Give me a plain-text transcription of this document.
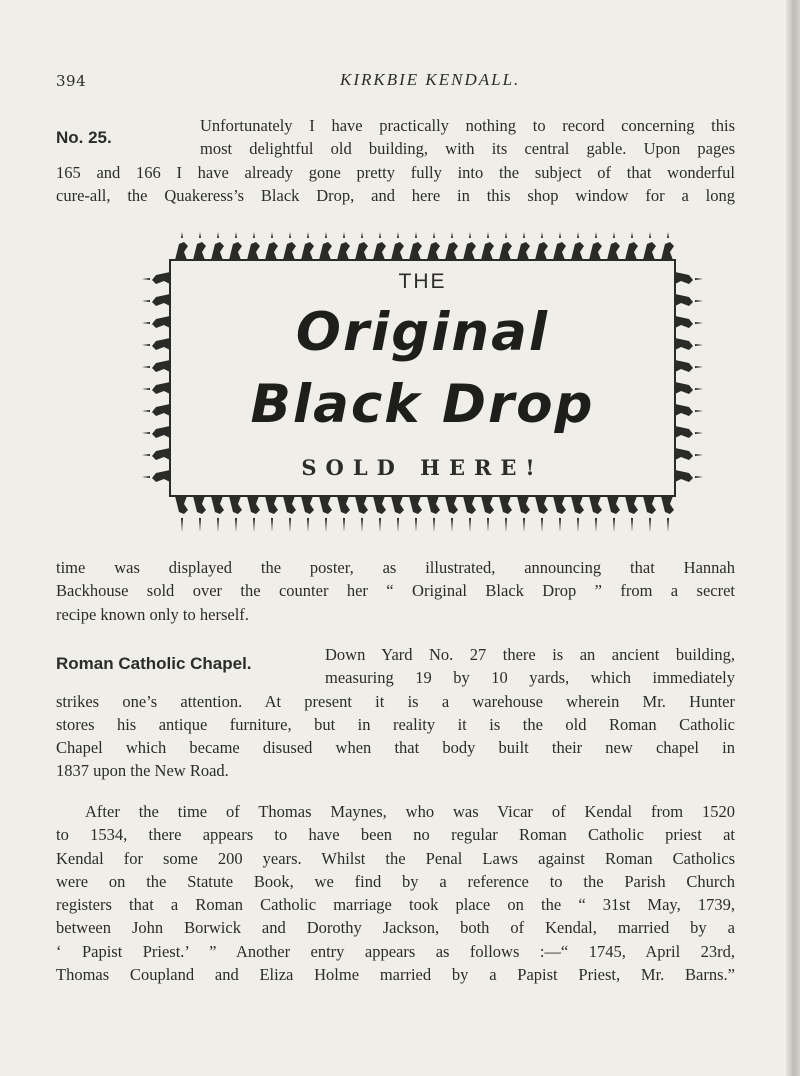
394	KIRKBIE KENDALL.
No. 25.
Unfortunately I have practically nothing to record concerning this
most delightful old building, with its central gable. Upon pages
165 and 166 I have already gone pretty fully into the subject of that wonderful
cure-all, the Quakeress’s Black Drop, and here in this shop window for a long
THE
Original
Black Drop
SOLD HERE!
time was displayed the poster, as illustrated, announcing that Hannah
Backhouse sold over the counter her “ Original Black Drop ” from a secret
recipe known only to herself.
Roman Catholic Chapel.	Down Yard No. 27 there is an ancient building,
measuring 19 by 10 yards, which immediately
strikes one’s attention. At present it is a warehouse wherein Mr. Hunter
stores his antique furniture, but in reality it is the old Roman Catholic
Chapel which became disused when that body built their new chapel in
1837 upon the New Road.
After the time of Thomas Maynes, who was Vicar of Kendal from 1520
to 1534, there appears to have been no regular Roman Catholic priest at
Kendal for some 200 years. Whilst the Penal Laws against Roman Catholics
were on the Statute Book, we find by a reference to the Parish Church
registers that a Roman Catholic marriage took place on the “ 31st May, 1739,
between John Borwick and Dorothy Jackson, both of Kendal, married by a
‘ Papist Priest.’ ” Another entry appears as follows :—“ 1745, April 23rd,
Thomas Coupland and Eliza Holme married by a Papist Priest, Mr. Barns.”
